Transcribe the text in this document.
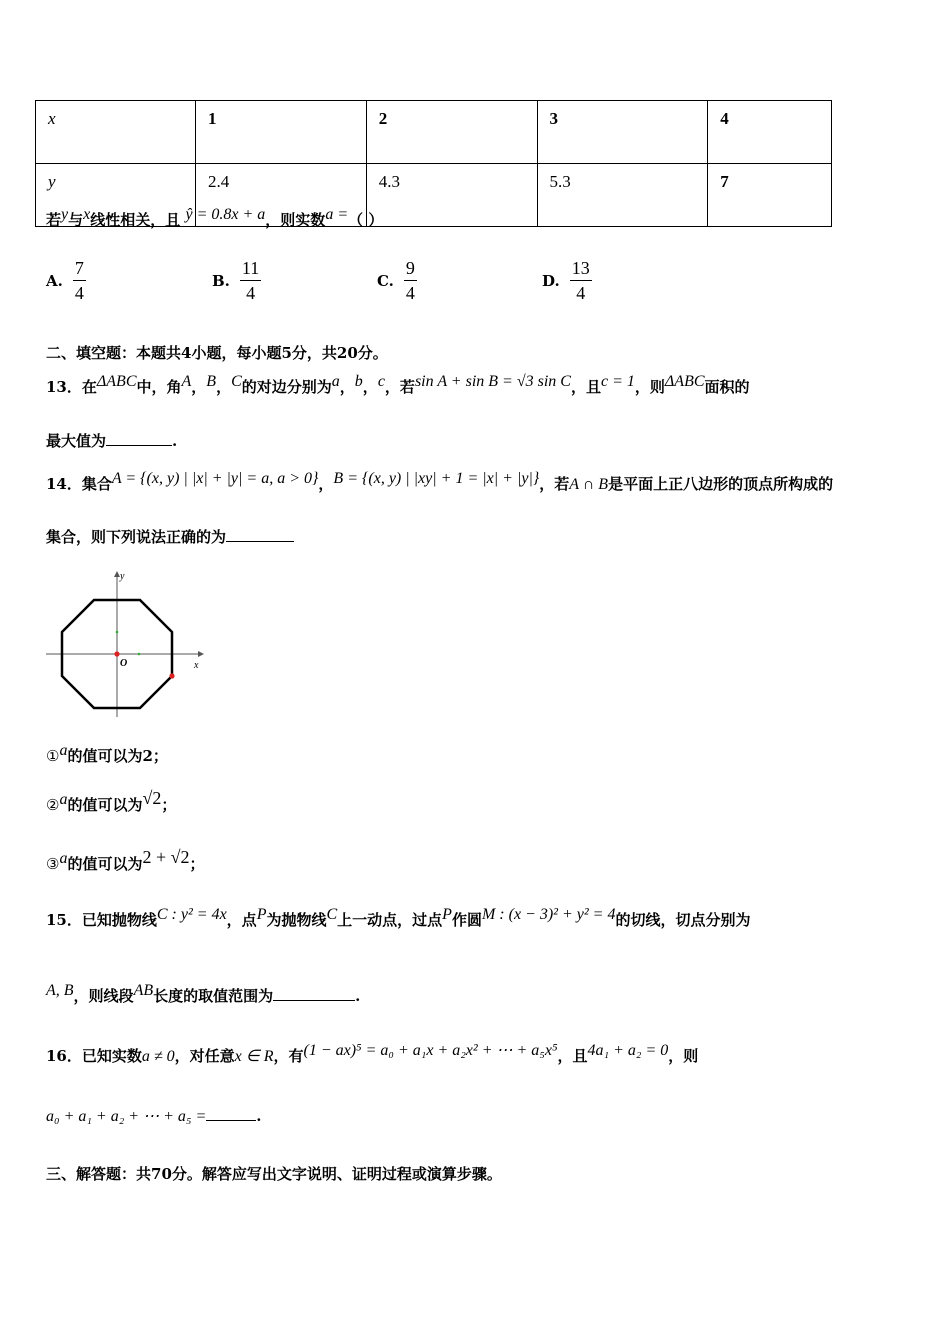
x	1	2	3	4
y	2.4	4.3	5.3	7
若$^y$与$^x$线性相关，且 $^{ŷ = 0.8x + a}$，则实数$^{a =}$（ ）
A. $\frac{7}{4}$	B. $\frac{11}{4}$	C. $\frac{9}{4}$	D. $\frac{13}{4}$
二、填空题：本题共4小题，每小题5分，共20分。
13．在$^{\Delta ABC}$中，角$^A$，$^B$，$^C$的对边分别为$^a$，$^b$，$^c$，若$^{sin A + sin B = √3 sin C}$，且$^{c = 1}$，则$^{\Delta ABC}$面积的
最大值为	.
14．集合$^{A = \{(x, y) | |x| + |y| = a, a > 0\}}$，$^{B = \{(x, y) | |xy| + 1 = |x| + |y|\}}$，若A ∩ B是平面上正八边形的顶点所构成的
集合，则下列说法正确的为
x
y
O
①$^a$的值可以为2；
②$^a$的值可以为$^{√2}$；
③$^a$的值可以为$^{2 + √2}$；
15．已知抛物线$^{C : y^2 = 4x}$，点$^P$为抛物线$^C$上一动点，过点$^P$作圆$^{M : (x - 3)^2 + y^2 = 4}$的切线，切点分别为
$^{A, B}$，则线段$^{AB}$长度的取值范围为	.
16．已知实数a ≠ 0，对任意x ∈ R，有$^{(1 - ax)^5 = a_0 + a_1x + a_2x^2 + \cdots + a_5x^5}$，且$^{4a_1 + a_2 = 0}$，则
a₀ + a₁ + a₂ + ⋯ + a₅ =	.
三、解答题：共70分。解答应写出文字说明、证明过程或演算步骤。
